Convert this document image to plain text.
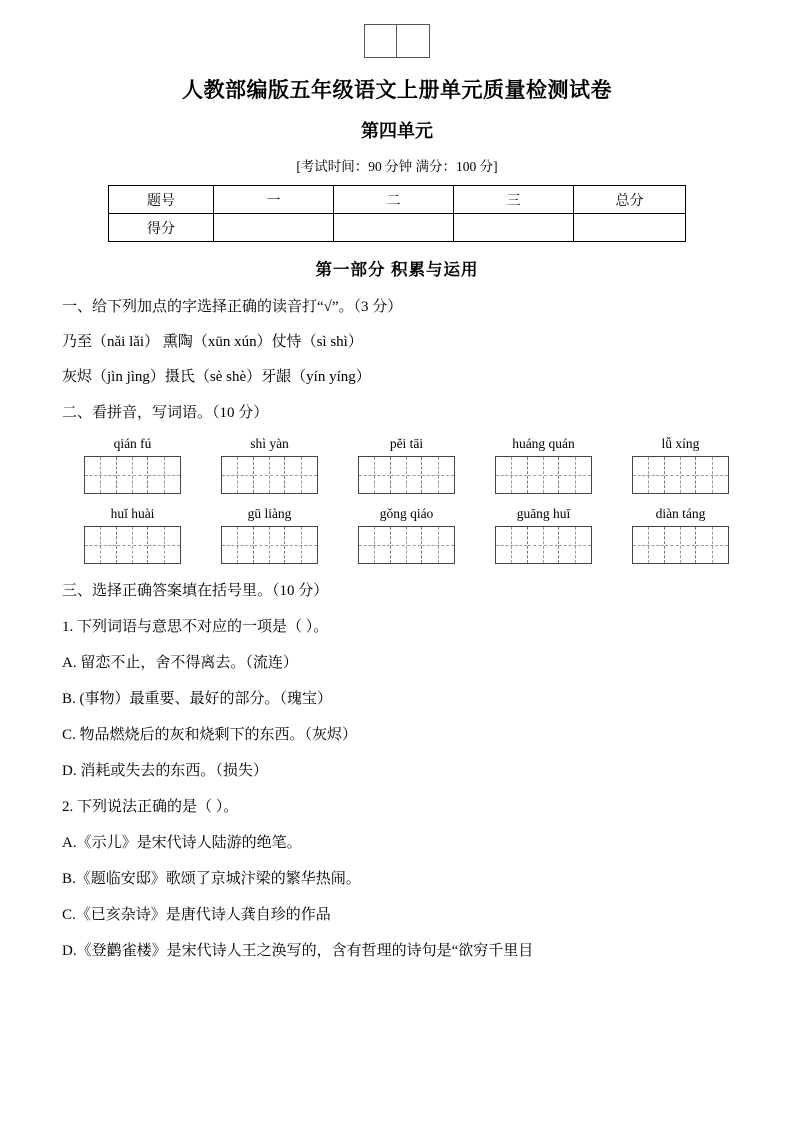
人教部编版五年级语文上册单元质量检测试卷
第四单元
[考试时间：90 分钟 满分：100 分]
题号	一	二	三	总分
得分				
第一部分 积累与运用
一、给下列加点的字选择正确的读音打“√”。（3 分）
乃至（nǎi lǎi） 熏陶（xūn xún）仗恃（sì shì）
灰烬（jìn jìng）摄氏（sè shè）牙龈（yín yíng）
二、看拼音，写词语。（10 分）
qián fú	shì yàn	pěi tāi	huáng quán	lǚ xíng
huǐ huài	gū liàng	gǒng qiáo	guāng huī	diàn táng
三、选择正确答案填在括号里。（10 分）
1. 下列词语与意思不对应的一项是（ ）。
A. 留恋不止，舍不得离去。（流连）
B. (事物）最重要、最好的部分。（瑰宝）
C. 物品燃烧后的灰和烧剩下的东西。（灰烬）
D. 消耗或失去的东西。（损失）
2. 下列说法正确的是（ ）。
A.《示儿》是宋代诗人陆游的绝笔。
B.《题临安邸》歌颂了京城汴梁的繁华热闹。
C.《已亥杂诗》是唐代诗人龚自珍的作品
D.《登鹳雀楼》是宋代诗人王之涣写的，含有哲理的诗句是“欲穷千里目
